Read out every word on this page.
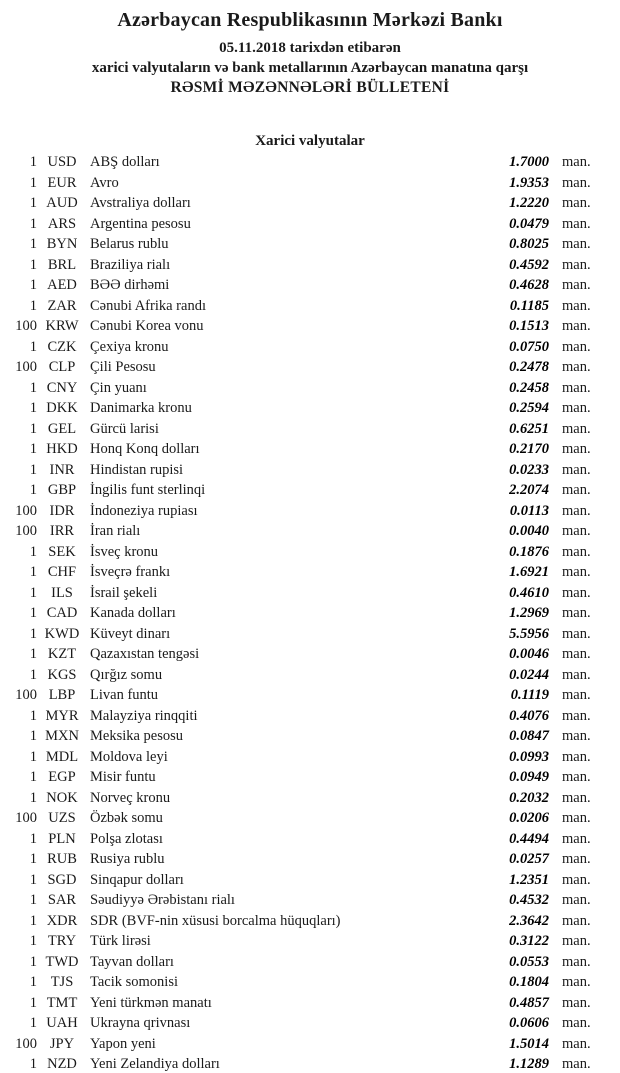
Azərbaycan Respublikasının Mərkəzi Bankı
05.11.2018 tarixdən etibarən
xarici valyutaların və bank metallarının Azərbaycan manatına qarşı
RƏSMİ MƏZƏNNƏLƏRİ BÜLLETENİ
Xarici valyutalar
1 USD ABŞ dolları	1.7000 man.
1 EUR Avro	1.9353 man.
1 AUD Avstraliya dolları	1.2220 man.
1 ARS Argentina pesosu	0.0479 man.
1 BYN Belarus rublu	0.8025 man.
1 BRL Braziliya rialı	0.4592 man.
1 AED BƏƏ dirhəmi	0.4628 man.
1 ZAR Cənubi Afrika randı	0.1185 man.
100 KRW Cənubi Korea vonu	0.1513 man.
1 CZK Çexiya kronu	0.0750 man.
100 CLP	Çili Pesosu	0.2478 man.
1 CNY Çin yuanı	0.2458 man.
1 DKK Danimarka kronu	0.2594 man.
1 GEL Gürcü larisi	0.6251 man.
1 HKD Honq Konq dolları	0.2170 man.
1 INR	Hindistan rupisi	0.0233 man.
1 GBP İngilis funt sterlinqi	2.2074 man.
100 IDR	İndoneziya rupiası	0.0113 man.
100 IRR	İran rialı	0.0040 man.
1 SEK İsveç kronu	0.1876 man.
1 CHF İsveçrə frankı	1.6921 man.
1 ILS	İsrail şekeli	0.4610 man.
1 CAD Kanada dolları	1.2969 man.
1 KWD Küveyt dinarı	5.5956 man.
1 KZT Qazaxıstan tengəsi	0.0046 man.
1 KGS Qırğız somu	0.0244 man.
100 LBP	Livan funtu	0.1119 man.
1 MYR Malayziya rinqqiti	0.4076 man.
1 MXN Meksika pesosu	0.0847 man.
1 MDL Moldova leyi	0.0993 man.
1 EGP Misir funtu	0.0949 man.
1 NOK Norveç kronu	0.2032 man.
100 UZS Özbək somu	0.0206 man.
1 PLN Polşa zlotası	0.4494 man.
1 RUB Rusiya rublu	0.0257 man.
1 SGD Sinqapur dolları	1.2351 man.
1 SAR Səudiyyə Ərəbistanı rialı	0.4532 man.
1 XDR SDR (BVF-nin xüsusi borcalma hüquqları)	2.3642 man.
1 TRY Türk lirəsi	0.3122 man.
1 TWD Tayvan dolları	0.0553 man.
1 TJS	Tacik somonisi	0.1804 man.
1 TMT Yeni türkmən manatı	0.4857 man.
1 UAH Ukrayna qrivnası	0.0606 man.
100 JPY	Yapon yeni	1.5014 man.
1 NZD Yeni Zelandiya dolları	1.1289 man.
